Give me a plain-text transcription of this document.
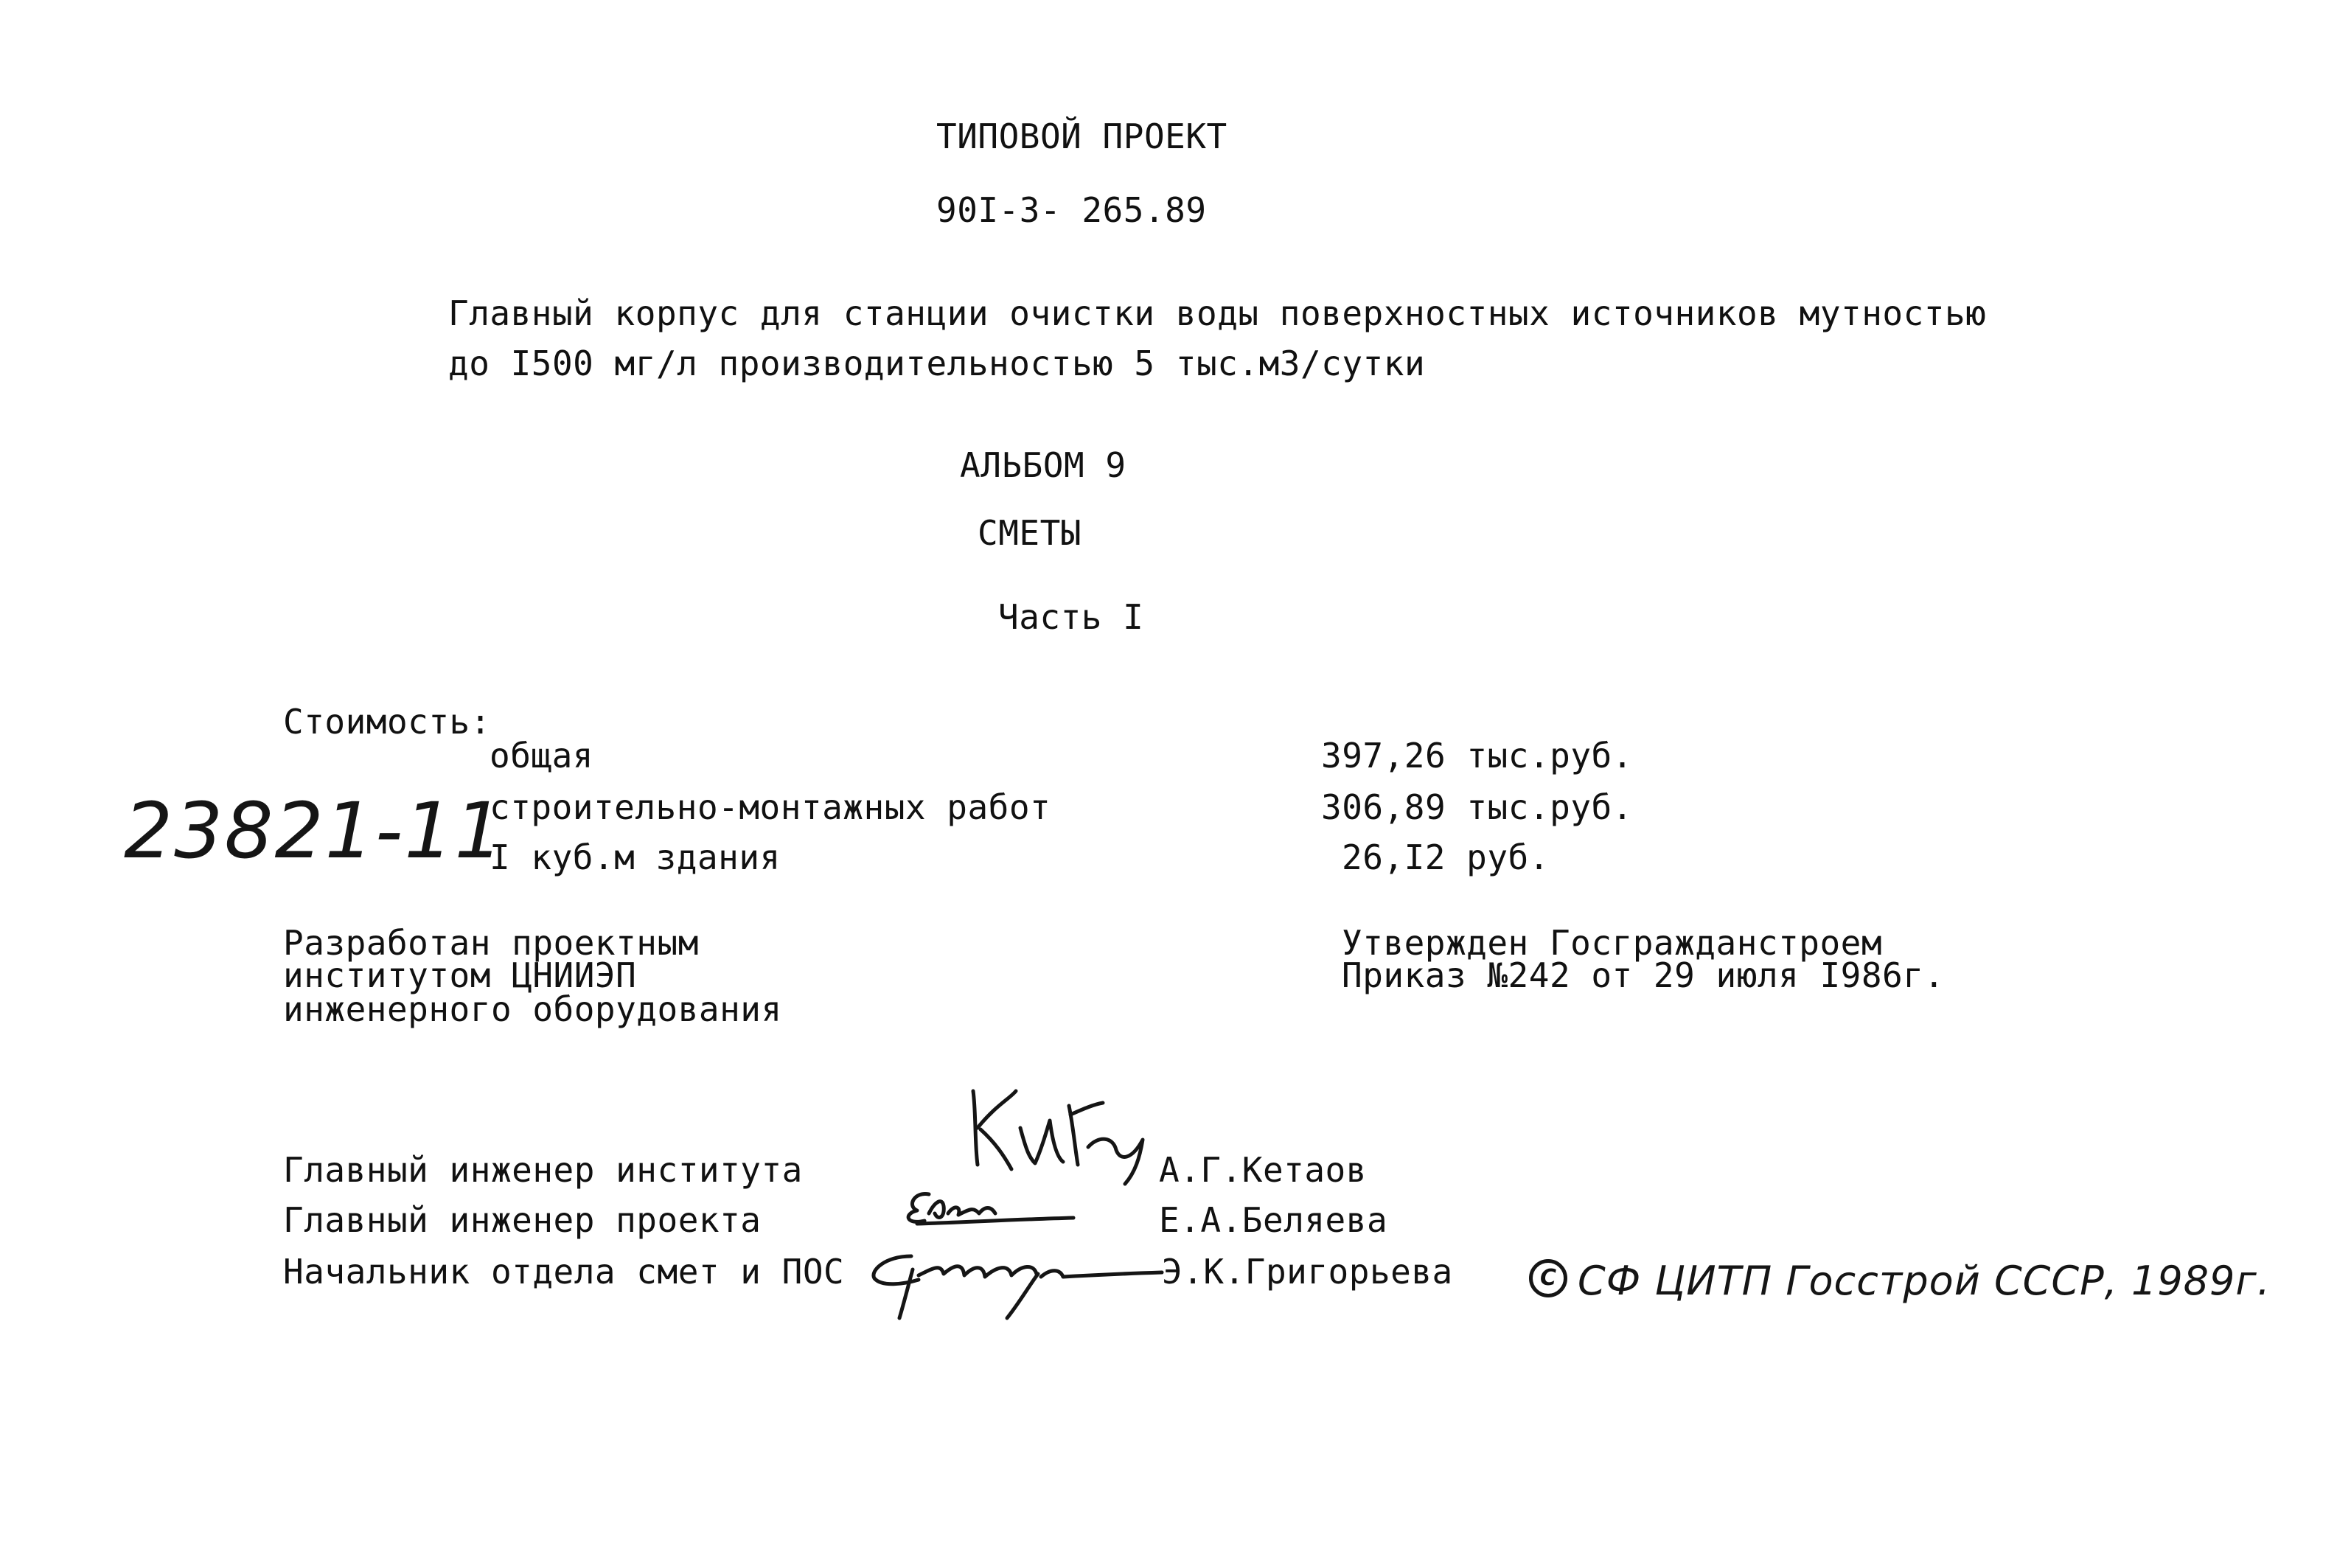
ТИПОВОЙ ПРОЕКТ
90I-3- 265.89
Главный корпус для станции очистки воды поверхностных источников мутностью
до I500 мг/л производительностью 5 тыс.м3/сутки
АЛЬБОМ 9
СМЕТЫ
Часть I
Стоимость:
общая	397,26 тыс.руб.
строительно-монтажных работ	306,89 тыс.руб.
I куб.м здания	26,I2 руб.
23821-11
Разработан проектным
институтом ЦНИИЭП
инженерного оборудования
Утвержден Госгражданстроем
Приказ №242 от 29 июля I986г.
Главный инженер института	А.Г.Кетаов
Главный инженер проекта	Е.А.Беляева
Начальник отдела смет и ПОС	Э.К.Григорьева	С СФ ЦИТП Госстрой СССР, 1989г.
